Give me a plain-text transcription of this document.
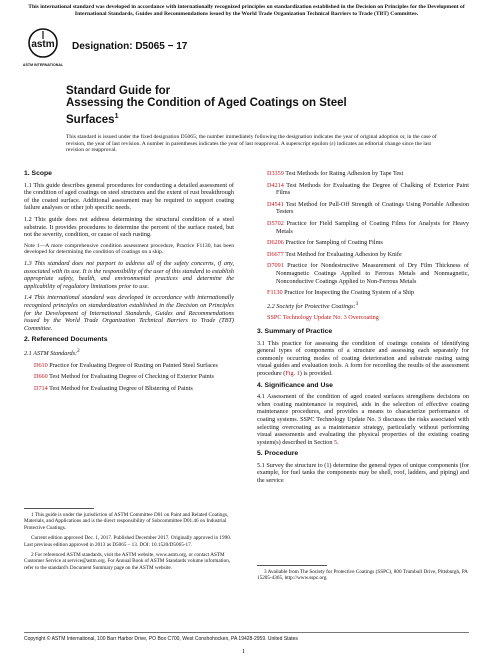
This international standard was developed in accordance with internationally recognized principles on standardization established in the Decision on Principles for the Development of International Standards, Guides and Recommendations issued by the World Trade Organization Technical Barriers to Trade (TBT) Committee.
astm
ASTM INTERNATIONAL
Designation: D5065 − 17
Standard Guide for
Assessing the Condition of Aged Coatings on Steel Surfaces$^1$
This standard is issued under the fixed designation D5065; the number immediately following the designation indicates the year of original adoption or, in the case of revision, the year of last revision. A number in parentheses indicates the year of last reapproval. A superscript epsilon (ε) indicates an editorial change since the last revision or reapproval.
1. Scope

1.1 This guide describes general procedures for conducting a detailed assessment of the condition of aged coatings on steel structures and the extent of rust breakthrough of the coated surface. Additional assessment may be required to support coating failure analyses or other job specific needs.

1.2 This guide does not address determining the structural condition of a steel substrate. It provides procedures to determine the percent of the surface rusted, but not the severity, condition, or cause of such rusting.

Note 1—A more comprehensive condition assessment procedure, Practice F1130, has been developed for determining the condition of coatings on a ship.

1.3 This standard does not purport to address all of the safety concerns, if any, associated with its use. It is the responsibility of the user of this standard to establish appropriate safety, health, and environmental practices and determine the applicability of regulatory limitations prior to use.

1.4 This international standard was developed in accordance with internationally recognized principles on standardization established in the Decision on Principles for the Development of International Standards, Guides and Recommendations issued by the World Trade Organization Technical Barriers to Trade (TBT) Committee.

2. Referenced Documents

2.1 ASTM Standards:$^2$

D610 Practice for Evaluating Degree of Rusting on Painted Steel Surfaces

D660 Test Method for Evaluating Degree of Checking of Exterior Paints

D714 Test Method for Evaluating Degree of Blistering of Paints

D3359 Test Methods for Rating Adhesion by Tape Test

D4214 Test Methods for Evaluating the Degree of Chalking of Exterior Paint Films

D4541 Test Method for Pull-Off Strength of Coatings Using Portable Adhesion Testers

D5702 Practice for Field Sampling of Coating Films for Analysis for Heavy Metals

D6206 Practice for Sampling of Coating Films

D6677 Test Method for Evaluating Adhesion by Knife

D7091 Practice for Nondestructive Measurement of Dry Film Thickness of Nonmagnetic Coatings Applied to Ferrous Metals and Nonmagnetic, Nonconductive Coatings Applied to Non-Ferrous Metals

F1130 Practice for Inspecting the Coating System of a Ship

2.2 Society for Protective Coatings:$^3$

SSPC Technology Update No. 3 Overcoating

3. Summary of Practice

3.1 This practice for assessing the condition of coatings consists of identifying general types of components of a structure and assessing each separately for commonly occurring modes of coating deterioration and substrate rusting using visual guides and evaluation tools. A form for recording the results of the assessment procedure (Fig. 1) is provided.

4. Significance and Use

4.1 Assessment of the condition of aged coated surfaces strengthens decisions on when coating maintenance is required, aids in the selection of effective coating maintenance procedures, and provides a means to characterize performance of coating systems. SSPC Technology Update No. 3 discusses the risks associated with selecting overcoating as a maintenance strategy, particularly without performing visual assessments and evaluating the physical properties of the existing coating system(s) described in Section 5.

5. Procedure

5.1 Survey the structure to (1) determine the general types of unique components (for example, for fuel tanks the components may be shell, roof, ladders, and piping) and the service

1 This guide is under the jurisdiction of ASTM Committee D01 on Paint and Related Coatings, Materials, and Applications and is the direct responsibility of Subcommittee D01.46 on Industrial Protective Coatings.

Current edition approved Dec. 1, 2017. Published December 2017. Originally approved in 1990. Last previous edition approved in 2013 as D5065 – 13. DOI: 10.1520/D5065-17.

2 For referenced ASTM standards, visit the ASTM website, www.astm.org, or contact ASTM Customer Service at service@astm.org. For Annual Book of ASTM Standards volume information, refer to the standard's Document Summary page on the ASTM website.

3 Available from The Society for Protective Coatings (SSPC), 800 Trumbull Drive, Pittsburgh, PA 15205-4365, http://www.sspc.org.
Copyright © ASTM International, 100 Barr Harbor Drive, PO Box C700, West Conshohocken, PA 19428-2959. United States
1
